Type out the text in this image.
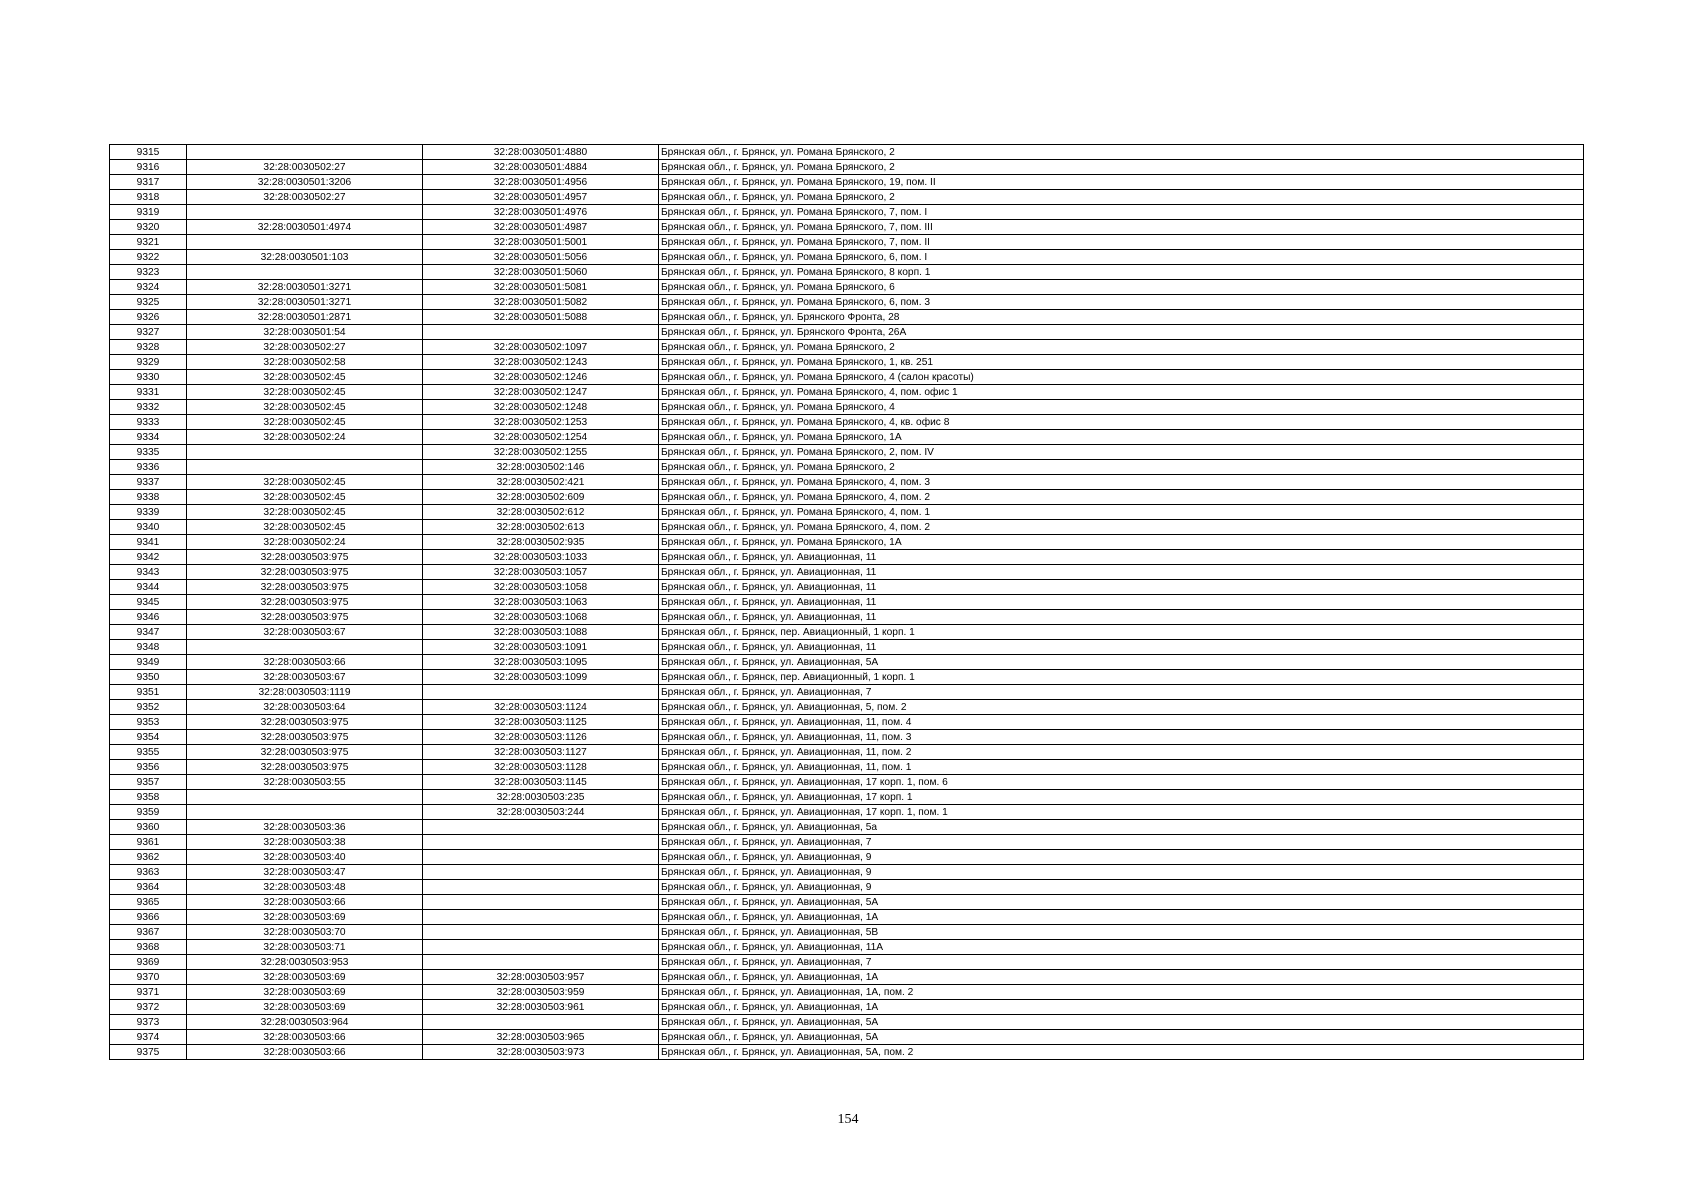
9315		32:28:0030501:4880	Брянская обл., г. Брянск, ул. Романа Брянского, 2
9316	32:28:0030502:27	32:28:0030501:4884	Брянская обл., г. Брянск, ул. Романа Брянского, 2
9317	32:28:0030501:3206	32:28:0030501:4956	Брянская обл., г. Брянск, ул. Романа Брянского, 19, пом. II
9318	32:28:0030502:27	32:28:0030501:4957	Брянская обл., г. Брянск, ул. Романа Брянского, 2
9319		32:28:0030501:4976	Брянская обл., г. Брянск, ул. Романа Брянского, 7, пом. I
9320	32:28:0030501:4974	32:28:0030501:4987	Брянская обл., г. Брянск, ул. Романа Брянского, 7, пом. III
9321		32:28:0030501:5001	Брянская обл., г. Брянск, ул. Романа Брянского, 7, пом. II
9322	32:28:0030501:103	32:28:0030501:5056	Брянская обл., г. Брянск, ул. Романа Брянского, 6, пом. I
9323		32:28:0030501:5060	Брянская обл., г. Брянск, ул. Романа Брянского, 8 корп. 1
9324	32:28:0030501:3271	32:28:0030501:5081	Брянская обл., г. Брянск, ул. Романа Брянского, 6
9325	32:28:0030501:3271	32:28:0030501:5082	Брянская обл., г. Брянск, ул. Романа Брянского, 6, пом. 3
9326	32:28:0030501:2871	32:28:0030501:5088	Брянская обл., г. Брянск, ул. Брянского Фронта, 28
9327	32:28:0030501:54		Брянская обл., г. Брянск, ул. Брянского Фронта, 26А
9328	32:28:0030502:27	32:28:0030502:1097	Брянская обл., г. Брянск, ул. Романа Брянского, 2
9329	32:28:0030502:58	32:28:0030502:1243	Брянская обл., г. Брянск, ул. Романа Брянского, 1, кв. 251
9330	32:28:0030502:45	32:28:0030502:1246	Брянская обл., г. Брянск, ул. Романа Брянского, 4 (салон красоты)
9331	32:28:0030502:45	32:28:0030502:1247	Брянская обл., г. Брянск, ул. Романа Брянского, 4, пом. офис 1
9332	32:28:0030502:45	32:28:0030502:1248	Брянская обл., г. Брянск, ул. Романа Брянского, 4
9333	32:28:0030502:45	32:28:0030502:1253	Брянская обл., г. Брянск, ул. Романа Брянского, 4, кв. офис 8
9334	32:28:0030502:24	32:28:0030502:1254	Брянская обл., г. Брянск, ул. Романа Брянского, 1А
9335		32:28:0030502:1255	Брянская обл., г. Брянск, ул. Романа Брянского, 2, пом. IV
9336		32:28:0030502:146	Брянская обл., г. Брянск, ул. Романа Брянского, 2
9337	32:28:0030502:45	32:28:0030502:421	Брянская обл., г. Брянск, ул. Романа Брянского, 4, пом. 3
9338	32:28:0030502:45	32:28:0030502:609	Брянская обл., г. Брянск, ул. Романа Брянского, 4, пом. 2
9339	32:28:0030502:45	32:28:0030502:612	Брянская обл., г. Брянск, ул. Романа Брянского, 4, пом. 1
9340	32:28:0030502:45	32:28:0030502:613	Брянская обл., г. Брянск, ул. Романа Брянского, 4, пом. 2
9341	32:28:0030502:24	32:28:0030502:935	Брянская обл., г. Брянск, ул. Романа Брянского, 1А
9342	32:28:0030503:975	32:28:0030503:1033	Брянская обл., г. Брянск, ул. Авиационная, 11
9343	32:28:0030503:975	32:28:0030503:1057	Брянская обл., г. Брянск, ул. Авиационная, 11
9344	32:28:0030503:975	32:28:0030503:1058	Брянская обл., г. Брянск, ул. Авиационная, 11
9345	32:28:0030503:975	32:28:0030503:1063	Брянская обл., г. Брянск, ул. Авиационная, 11
9346	32:28:0030503:975	32:28:0030503:1068	Брянская обл., г. Брянск, ул. Авиационная, 11
9347	32:28:0030503:67	32:28:0030503:1088	Брянская обл., г. Брянск, пер. Авиационный, 1 корп. 1
9348		32:28:0030503:1091	Брянская обл., г. Брянск, ул. Авиационная, 11
9349	32:28:0030503:66	32:28:0030503:1095	Брянская обл., г. Брянск, ул. Авиационная, 5А
9350	32:28:0030503:67	32:28:0030503:1099	Брянская обл., г. Брянск, пер. Авиационный, 1 корп. 1
9351	32:28:0030503:1119		Брянская обл., г. Брянск, ул. Авиационная, 7
9352	32:28:0030503:64	32:28:0030503:1124	Брянская обл., г. Брянск, ул. Авиационная, 5, пом. 2
9353	32:28:0030503:975	32:28:0030503:1125	Брянская обл., г. Брянск, ул. Авиационная, 11, пом. 4
9354	32:28:0030503:975	32:28:0030503:1126	Брянская обл., г. Брянск, ул. Авиационная, 11, пом. 3
9355	32:28:0030503:975	32:28:0030503:1127	Брянская обл., г. Брянск, ул. Авиационная, 11, пом. 2
9356	32:28:0030503:975	32:28:0030503:1128	Брянская обл., г. Брянск, ул. Авиационная, 11, пом. 1
9357	32:28:0030503:55	32:28:0030503:1145	Брянская обл., г. Брянск, ул. Авиационная, 17 корп. 1, пом. 6
9358		32:28:0030503:235	Брянская обл., г. Брянск, ул. Авиационная, 17 корп. 1
9359		32:28:0030503:244	Брянская обл., г. Брянск, ул. Авиационная, 17 корп. 1, пом. 1
9360	32:28:0030503:36		Брянская обл., г. Брянск, ул. Авиационная, 5а
9361	32:28:0030503:38		Брянская обл., г. Брянск, ул. Авиационная, 7
9362	32:28:0030503:40		Брянская обл., г. Брянск, ул. Авиационная, 9
9363	32:28:0030503:47		Брянская обл., г. Брянск, ул. Авиационная, 9
9364	32:28:0030503:48		Брянская обл., г. Брянск, ул. Авиационная, 9
9365	32:28:0030503:66		Брянская обл., г. Брянск, ул. Авиационная, 5А
9366	32:28:0030503:69		Брянская обл., г. Брянск, ул. Авиационная, 1А
9367	32:28:0030503:70		Брянская обл., г. Брянск, ул. Авиационная, 5В
9368	32:28:0030503:71		Брянская обл., г. Брянск, ул. Авиационная, 11А
9369	32:28:0030503:953		Брянская обл., г. Брянск, ул. Авиационная, 7
9370	32:28:0030503:69	32:28:0030503:957	Брянская обл., г. Брянск, ул. Авиационная, 1А
9371	32:28:0030503:69	32:28:0030503:959	Брянская обл., г. Брянск, ул. Авиационная, 1А, пом. 2
9372	32:28:0030503:69	32:28:0030503:961	Брянская обл., г. Брянск, ул. Авиационная, 1А
9373	32:28:0030503:964		Брянская обл., г. Брянск, ул. Авиационная, 5А
9374	32:28:0030503:66	32:28:0030503:965	Брянская обл., г. Брянск, ул. Авиационная, 5А
9375	32:28:0030503:66	32:28:0030503:973	Брянская обл., г. Брянск, ул. Авиационная, 5А, пом. 2
154
